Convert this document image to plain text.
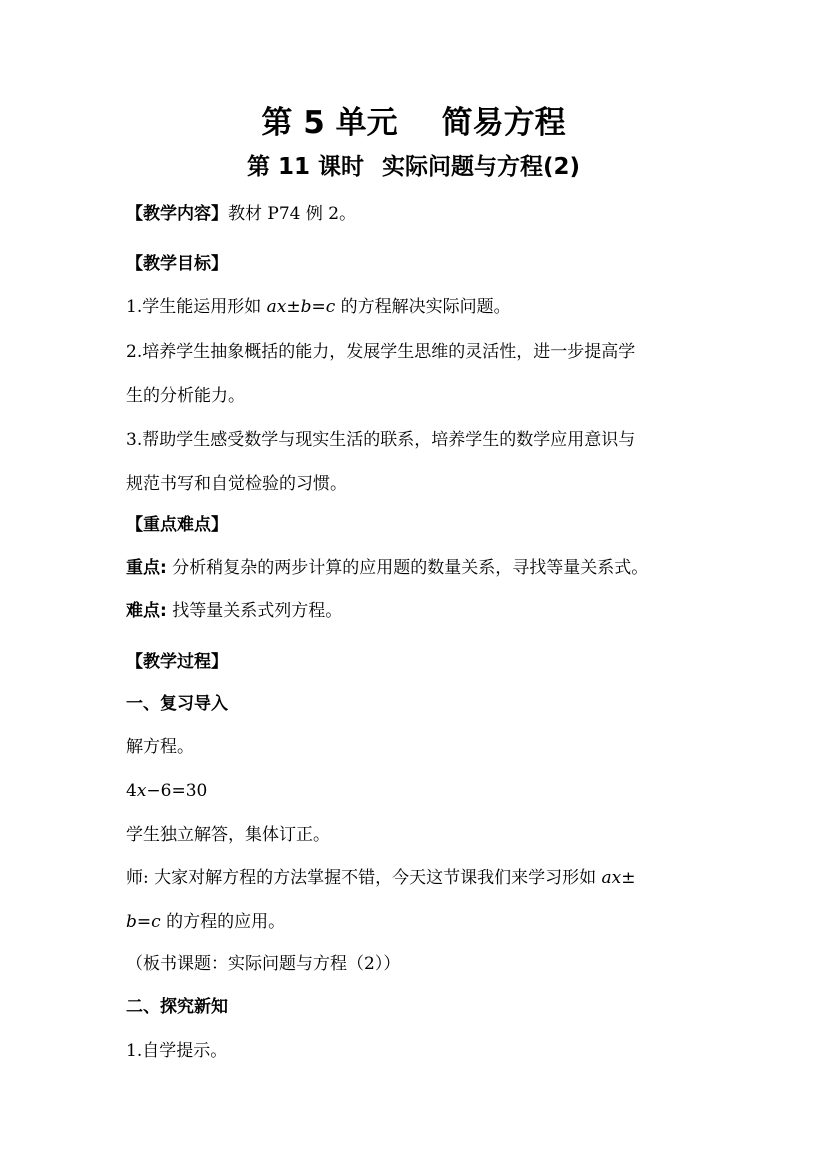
第 5 单元 简易方程
第 11 课时 实际问题与方程(2)
【教学内容】教材 P74 例 2。
【教学目标】
1.学生能运用形如 ax±b=c 的方程解决实际问题。
2.培养学生抽象概括的能力，发展学生思维的灵活性，进一步提高学
生的分析能力。
3.帮助学生感受数学与现实生活的联系，培养学生的数学应用意识与
规范书写和自觉检验的习惯。
【重点难点】
重点: 分析稍复杂的两步计算的应用题的数量关系，寻找等量关系式。
难点: 找等量关系式列方程。
【教学过程】
一、复习导入
解方程。
4x−6=30
学生独立解答，集体订正。
师: 大家对解方程的方法掌握不错，今天这节课我们来学习形如 ax±
b=c 的方程的应用。
（板书课题：实际问题与方程（2））
二、探究新知
1.自学提示。
